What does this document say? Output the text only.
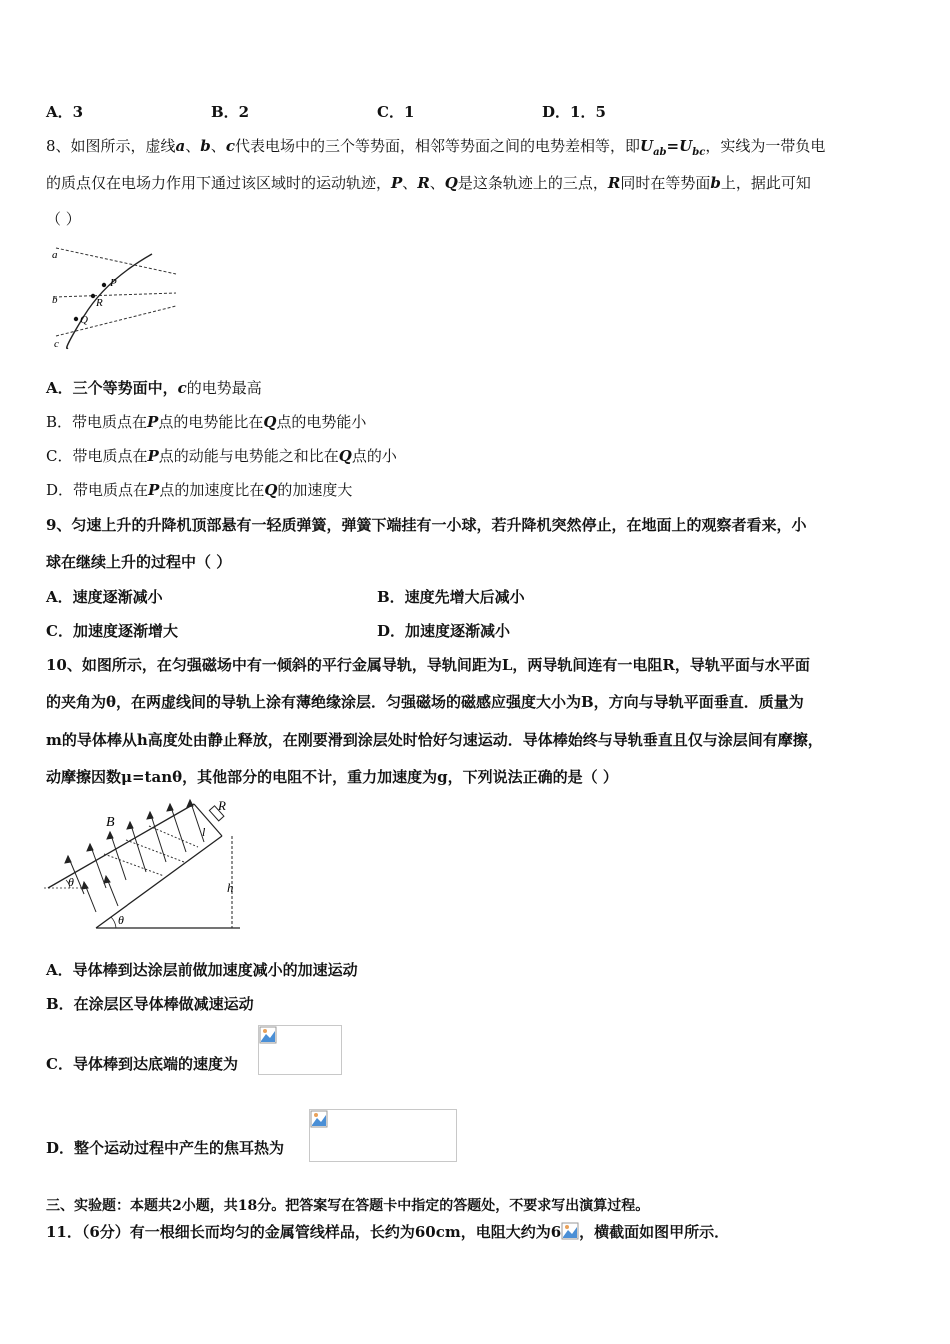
A．3	B．2	C．1	D．1．5
8、如图所示，虚线a、b、c代表电场中的三个等势面，相邻等势面之间的电势差相等，即$U_{ab}=U_{bc}$，实线为一带负电
的质点仅在电场力作用下通过该区域时的运动轨迹，P、R、Q是这条轨迹上的三点，R同时在等势面b上，据此可知
（ ）
a
b
c
P
R
Q
A．三个等势面中，c的电势最高
B．带电质点在P点的电势能比在Q点的电势能小
C．带电质点在P点的动能与电势能之和比在Q点的小
D．带电质点在P点的加速度比在Q的加速度大
9、匀速上升的升降机顶部悬有一轻质弹簧，弹簧下端挂有一小球，若升降机突然停止，在地面上的观察者看来，小
球在继续上升的过程中（ ）
A．速度逐渐减小	B．速度先增大后减小
C．加速度逐渐增大	D．加速度逐渐减小
10、如图所示，在匀强磁场中有一倾斜的平行金属导轨，导轨间距为L，两导轨间连有一电阻R，导轨平面与水平面
的夹角为θ，在两虚线间的导轨上涂有薄绝缘涂层．匀强磁场的磁感应强度大小为B，方向与导轨平面垂直．质量为
m的导体棒从h高度处由静止释放，在刚要滑到涂层处时恰好匀速运动．导体棒始终与导轨垂直且仅与涂层间有摩擦，
动摩擦因数μ=tanθ，其他部分的电阻不计，重力加速度为g，下列说法正确的是（ ）
B
R
l
h
θ
θ
A．导体棒到达涂层前做加速度减小的加速运动
B．在涂层区导体棒做减速运动
C．导体棒到达底端的速度为
D．整个运动过程中产生的焦耳热为
三、实验题：本题共2小题，共18分。把答案写在答题卡中指定的答题处，不要求写出演算过程。
11．（6分）有一根细长而均匀的金属管线样品，长约为60cm，电阻大约为6 ，横截面如图甲所示．
